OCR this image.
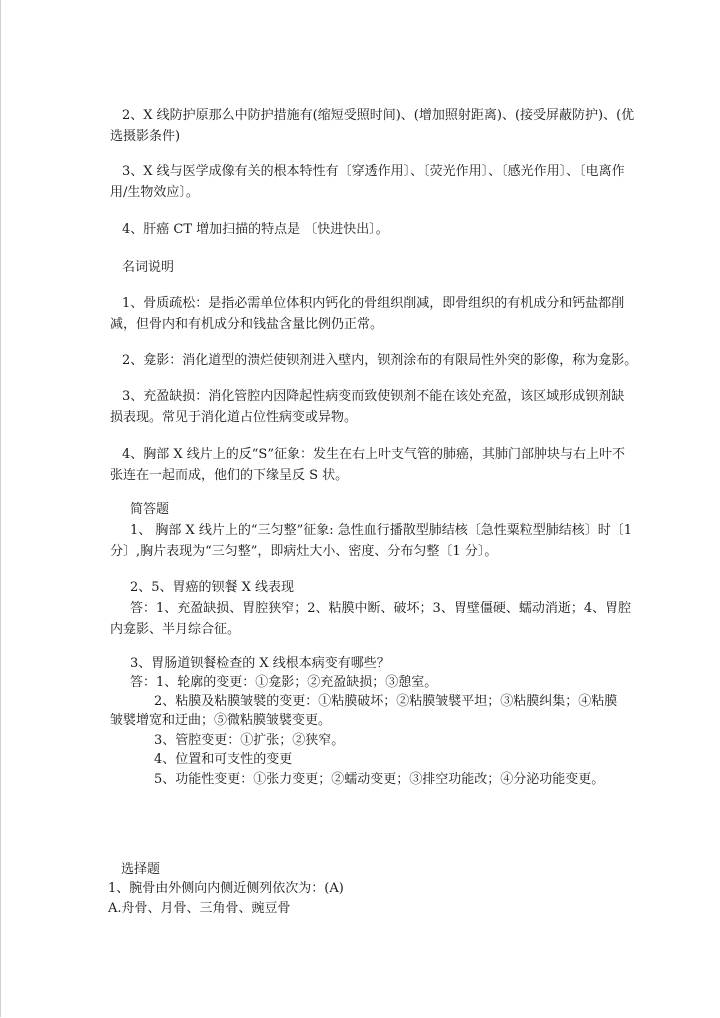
2、X 线防护原那么中防护措施有(缩短受照时间)、(增加照射距离)、(接受屏蔽防护)、(优
选摄影条件)
3、X 线与医学成像有关的根本特性有〔穿透作用〕、〔荧光作用〕、〔感光作用〕、〔电离作
用/生物效应〕。
4、肝癌 CT 增加扫描的特点是 〔快进快出〕。
名词说明
1、骨质疏松：是指必需单位体积内钙化的骨组织削减，即骨组织的有机成分和钙盐都削
减，但骨内和有机成分和钱盐含量比例仍正常。
2、龛影：消化道型的溃烂使钡剂进入壁内，钡剂涂布的有限局性外突的影像，称为龛影。
3、充盈缺损：消化管腔内因降起性病变而致使钡剂不能在该处充盈，该区域形成钡剂缺
损表现。常见于消化道占位性病变或异物。
4、胸部 X 线片上的反“S”征象：发生在右上叶支气管的肺癌，其肺门部肿块与右上叶不
张连在一起而成，他们的下缘呈反 S 状。
简答题
1、 胸部 X 线片上的“三匀整”征象: 急性血行播散型肺结核〔急性粟粒型肺结核〕时〔1
分〕,胸片表现为“三匀整”，即病灶大小、密度、分布匀整〔1 分〕。
2、5、胃癌的钡餐 X 线表现
答：1、充盈缺损、胃腔狭窄；2、粘膜中断、破坏；3、胃壁僵硬、蠕动消逝；4、胃腔
内龛影、半月综合征。
3、胃肠道钡餐检查的 X 线根本病变有哪些？
答：1、轮廓的变更：①龛影；②充盈缺损；③憩室。
2、粘膜及粘膜皱襞的变更：①粘膜破坏；②粘膜皱襞平坦；③粘膜纠集；④粘膜
皱襞增宽和迂曲；⑤微粘膜皱襞变更。
3、管腔变更：①扩张；②狭窄。
4、位置和可支性的变更
5、功能性变更：①张力变更；②蠕动变更；③排空功能改；④分泌功能变更。
选择题
1、腕骨由外侧向内侧近侧列依次为：(A)
A.舟骨、月骨、三角骨、豌豆骨
